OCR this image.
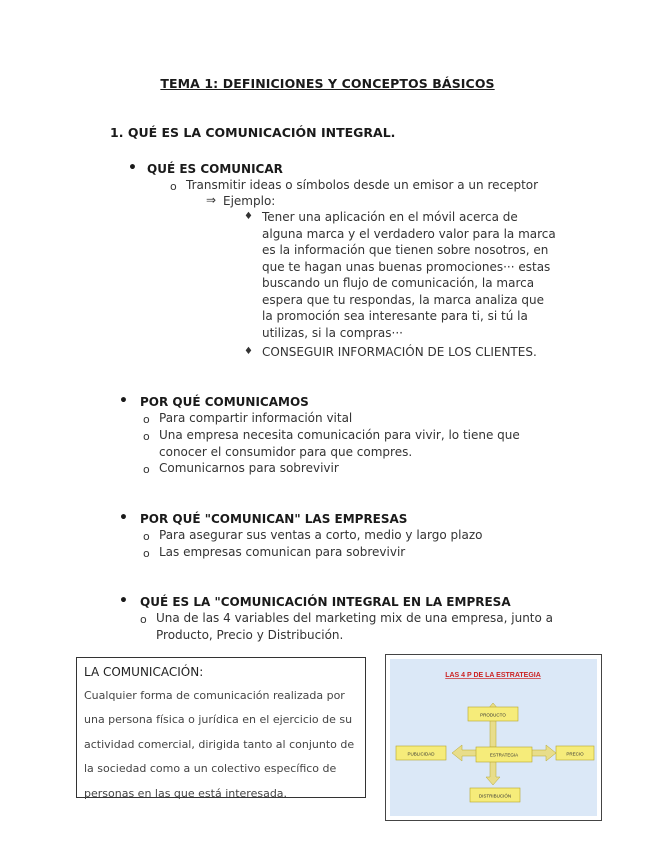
TEMA 1: DEFINICIONES Y CONCEPTOS BÁSICOS
1. QUÉ ES LA COMUNICACIÓN INTEGRAL.
• QUÉ ES COMUNICAR
o Transmitir ideas o símbolos desde un emisor a un receptor
⇒ Ejemplo:
♦ Tener una aplicación en el móvil acerca de
alguna marca y el verdadero valor para la marca
es la información que tienen sobre nosotros, en
que te hagan unas buenas promociones··· estas
buscando un flujo de comunicación, la marca
espera que tu respondas, la marca analiza que
la promoción sea interesante para ti, si tú la
utilizas, si la compras···
♦ CONSEGUIR INFORMACIÓN DE LOS CLIENTES.
• POR QUÉ COMUNICAMOS
o Para compartir información vital
o Una empresa necesita comunicación para vivir, lo tiene que
conocer el consumidor para que compres.
o Comunicarnos para sobrevivir
• POR QUÉ "COMUNICAN" LAS EMPRESAS
o Para asegurar sus ventas a corto, medio y largo plazo
o Las empresas comunican para sobrevivir
• QUÉ ES LA "COMUNICACIÓN INTEGRAL EN LA EMPRESA
o Una de las 4 variables del marketing mix de una empresa, junto a
Producto, Precio y Distribución.
LA COMUNICACIÓN:
Cualquier forma de comunicación realizada por
una persona física o jurídica en el ejercicio de su
actividad comercial, dirigida tanto al conjunto de
la sociedad como a un colectivo específico de
personas en las que está interesada.
LAS 4 P DE LA ESTRATEGIA
PRODUCTO
ESTRATEGIA
PUBLICIDAD	PRECIO
DISTRIBUCIÓN
